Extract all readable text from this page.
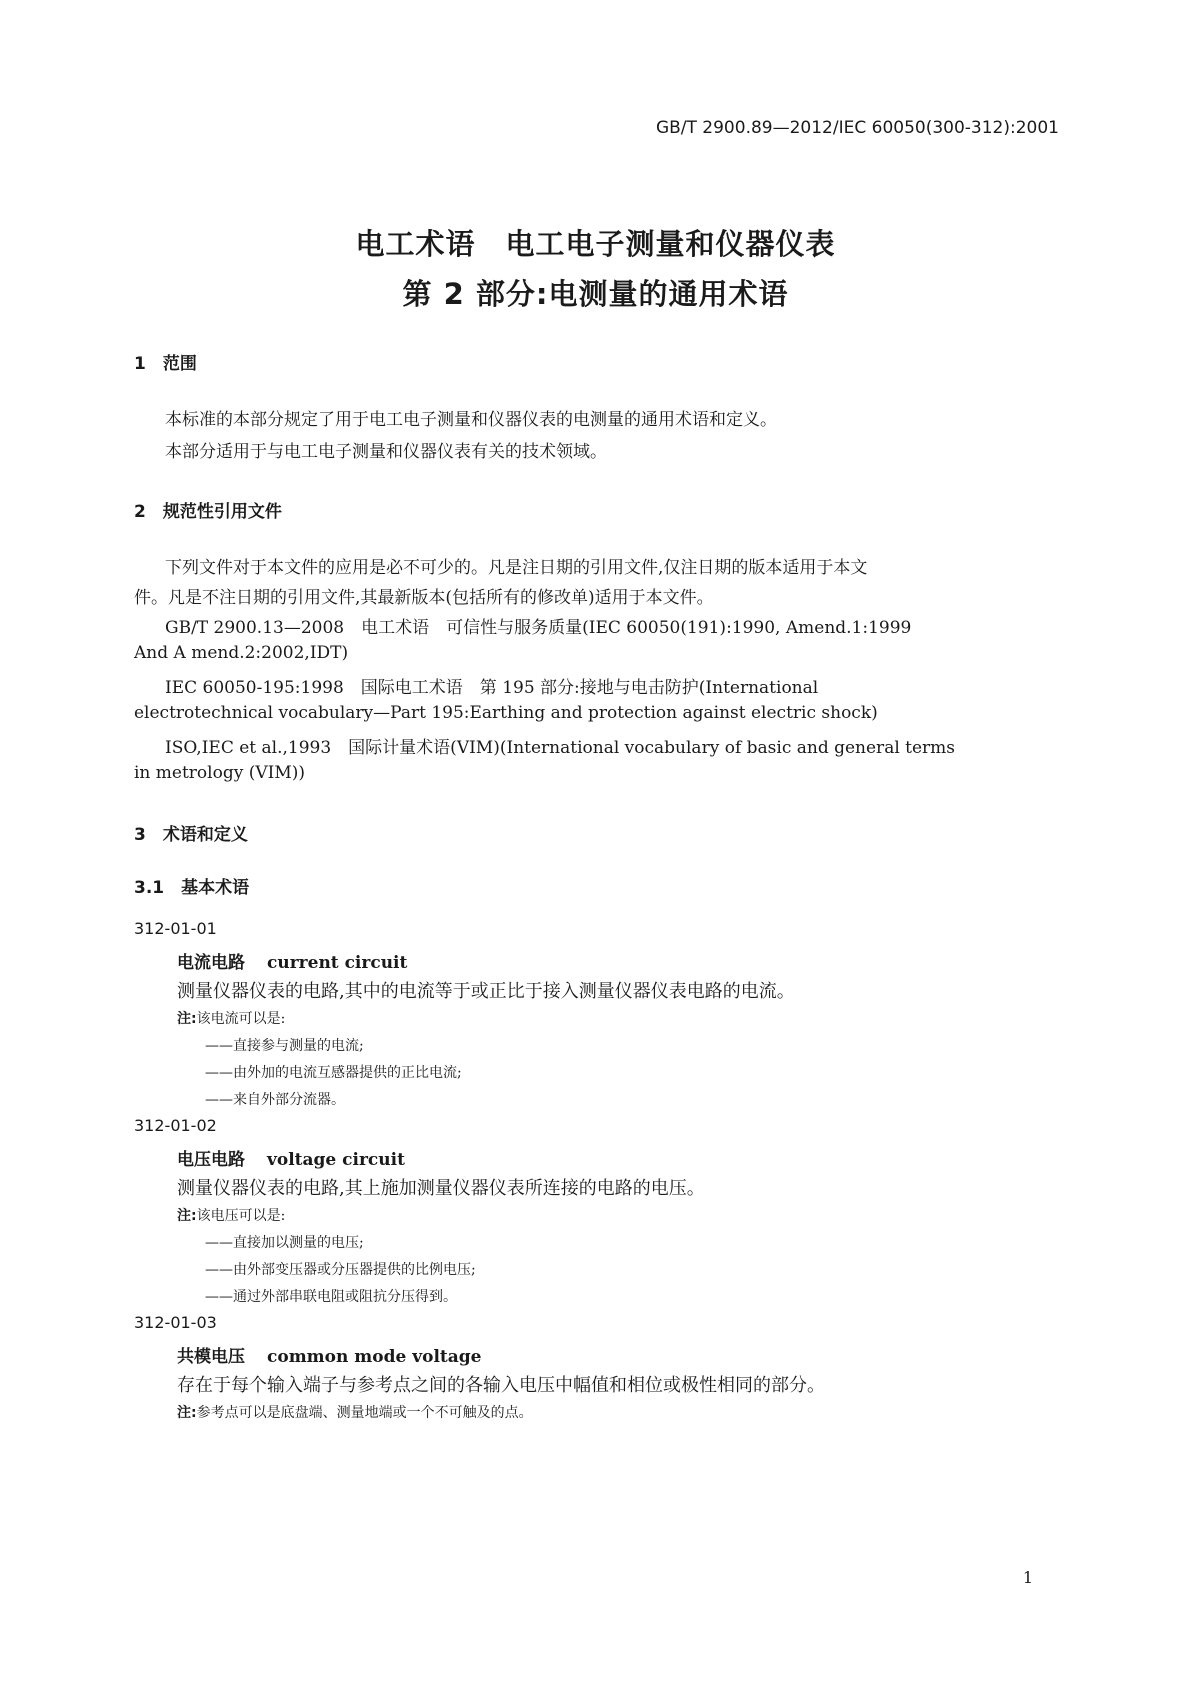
GB/T 2900.89—2012/IEC 60050(300-312):2001
电工术语　电工电子测量和仪器仪表
第 2 部分:电测量的通用术语
1　范围
本标准的本部分规定了用于电工电子测量和仪器仪表的电测量的通用术语和定义。
本部分适用于与电工电子测量和仪器仪表有关的技术领域。
2　规范性引用文件
下列文件对于本文件的应用是必不可少的。凡是注日期的引用文件,仅注日期的版本适用于本文
件。凡是不注日期的引用文件,其最新版本(包括所有的修改单)适用于本文件。
GB/T 2900.13—2008　电工术语　可信性与服务质量(IEC 60050(191):1990, Amend.1:1999
And A mend.2:2002,IDT)
IEC 60050-195:1998　国际电工术语　第 195 部分:接地与电击防护(International
electrotechnical vocabulary—Part 195:Earthing and protection against electric shock)
ISO,IEC et al.,1993　国际计量术语(VIM)(International vocabulary of basic and general terms
in metrology (VIM))
3　术语和定义
3.1　基本术语
312-01-01
电流电路 current circuit
测量仪器仪表的电路,其中的电流等于或正比于接入测量仪器仪表电路的电流。
注:该电流可以是:
——直接参与测量的电流;
——由外加的电流互感器提供的正比电流;
——来自外部分流器。
312-01-02
电压电路 voltage circuit
测量仪器仪表的电路,其上施加测量仪器仪表所连接的电路的电压。
注:该电压可以是:
——直接加以测量的电压;
——由外部变压器或分压器提供的比例电压;
——通过外部串联电阻或阻抗分压得到。
312-01-03
共模电压 common mode voltage
存在于每个输入端子与参考点之间的各输入电压中幅值和相位或极性相同的部分。
注:参考点可以是底盘端、测量地端或一个不可触及的点。
1
